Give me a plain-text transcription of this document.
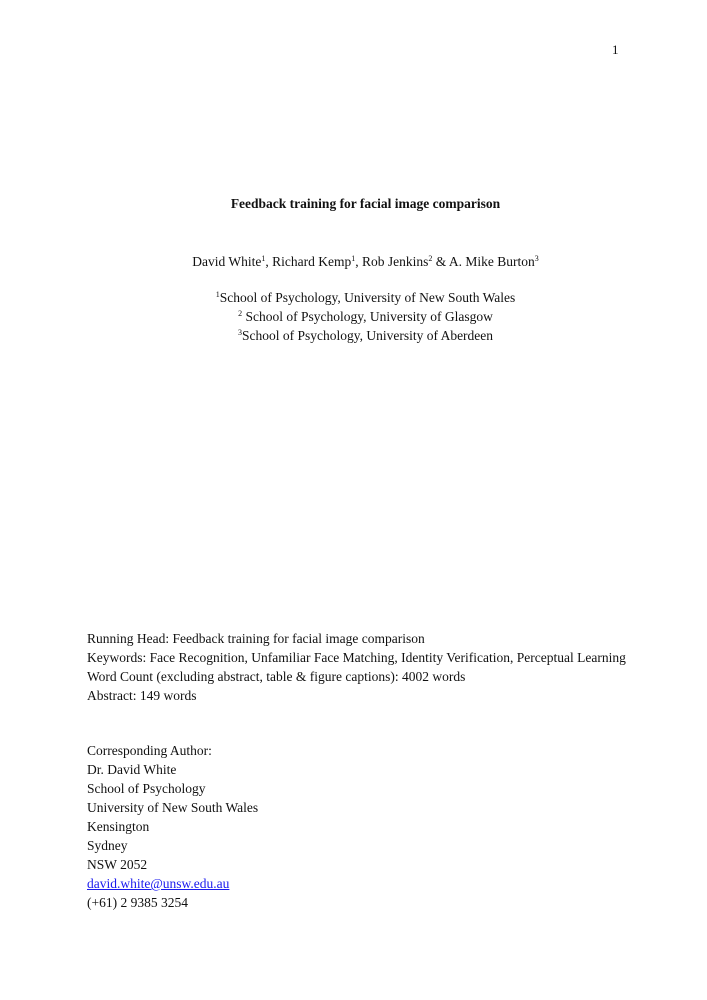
1
Feedback training for facial image comparison
David White$^1$, Richard Kemp$^1$, Rob Jenkins$^2$ & A. Mike Burton$^3$
$^1$School of Psychology, University of New South Wales
$^2$ School of Psychology, University of Glasgow
$^3$School of Psychology, University of Aberdeen
Running Head: Feedback training for facial image comparison
Keywords: Face Recognition, Unfamiliar Face Matching, Identity Verification, Perceptual Learning
Word Count (excluding abstract, table & figure captions): 4002 words
Abstract: 149 words
Corresponding Author:
Dr. David White
School of Psychology
University of New South Wales
Kensington
Sydney
NSW 2052
david.white@unsw.edu.au
(+61) 2 9385 3254
